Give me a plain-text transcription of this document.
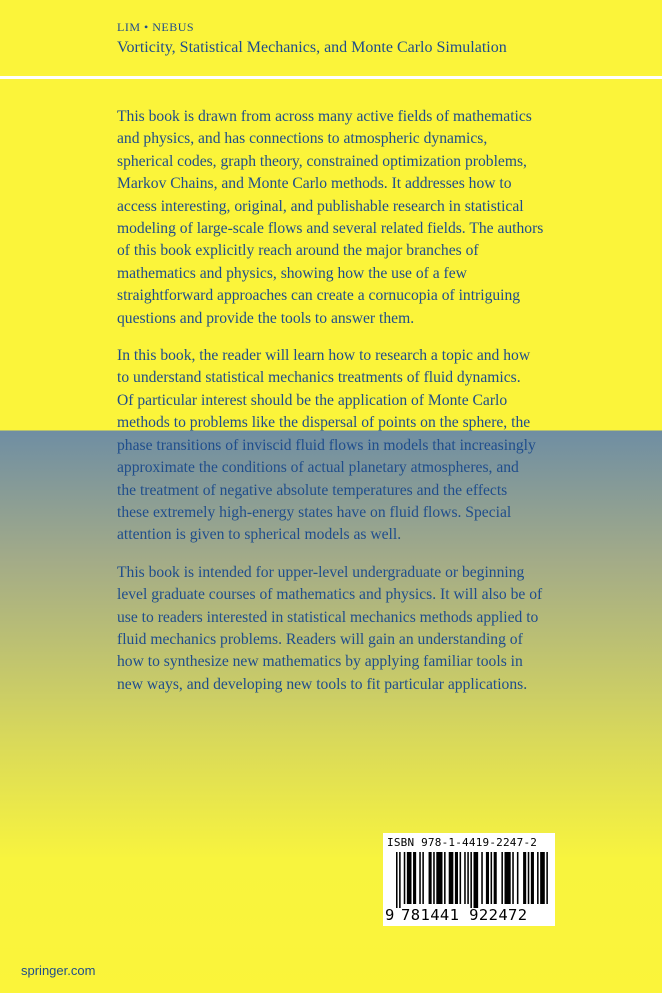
LIM • NEBUS
Vorticity, Statistical Mechanics, and Monte Carlo Simulation

This book is drawn from across many active fields of mathematics
and physics, and has connections to atmospheric dynamics,
spherical codes, graph theory, constrained optimization problems,
Markov Chains, and Monte Carlo methods. It addresses how to
access interesting, original, and publishable research in statistical
modeling of large-scale flows and several related fields. The authors
of this book explicitly reach around the major branches of
mathematics and physics, showing how the use of a few
straightforward approaches can create a cornucopia of intriguing
questions and provide the tools to answer them.

In this book, the reader will learn how to research a topic and how
to understand statistical mechanics treatments of fluid dynamics.
Of particular interest should be the application of Monte Carlo
methods to problems like the dispersal of points on the sphere, the
phase transitions of inviscid fluid flows in models that increasingly
approximate the conditions of actual planetary atmospheres, and
the treatment of negative absolute temperatures and the effects
these extremely high-energy states have on fluid flows. Special
attention is given to spherical models as well.

This book is intended for upper-level undergraduate or beginning
level graduate courses of mathematics and physics. It will also be of
use to readers interested in statistical mechanics methods applied to
fluid mechanics problems. Readers will gain an understanding of
how to synthesize new mathematics by applying familiar tools in
new ways, and developing new tools to fit particular applications.

ISBN 978-1-4419-2247-2
9 781441 922472
springer.com
